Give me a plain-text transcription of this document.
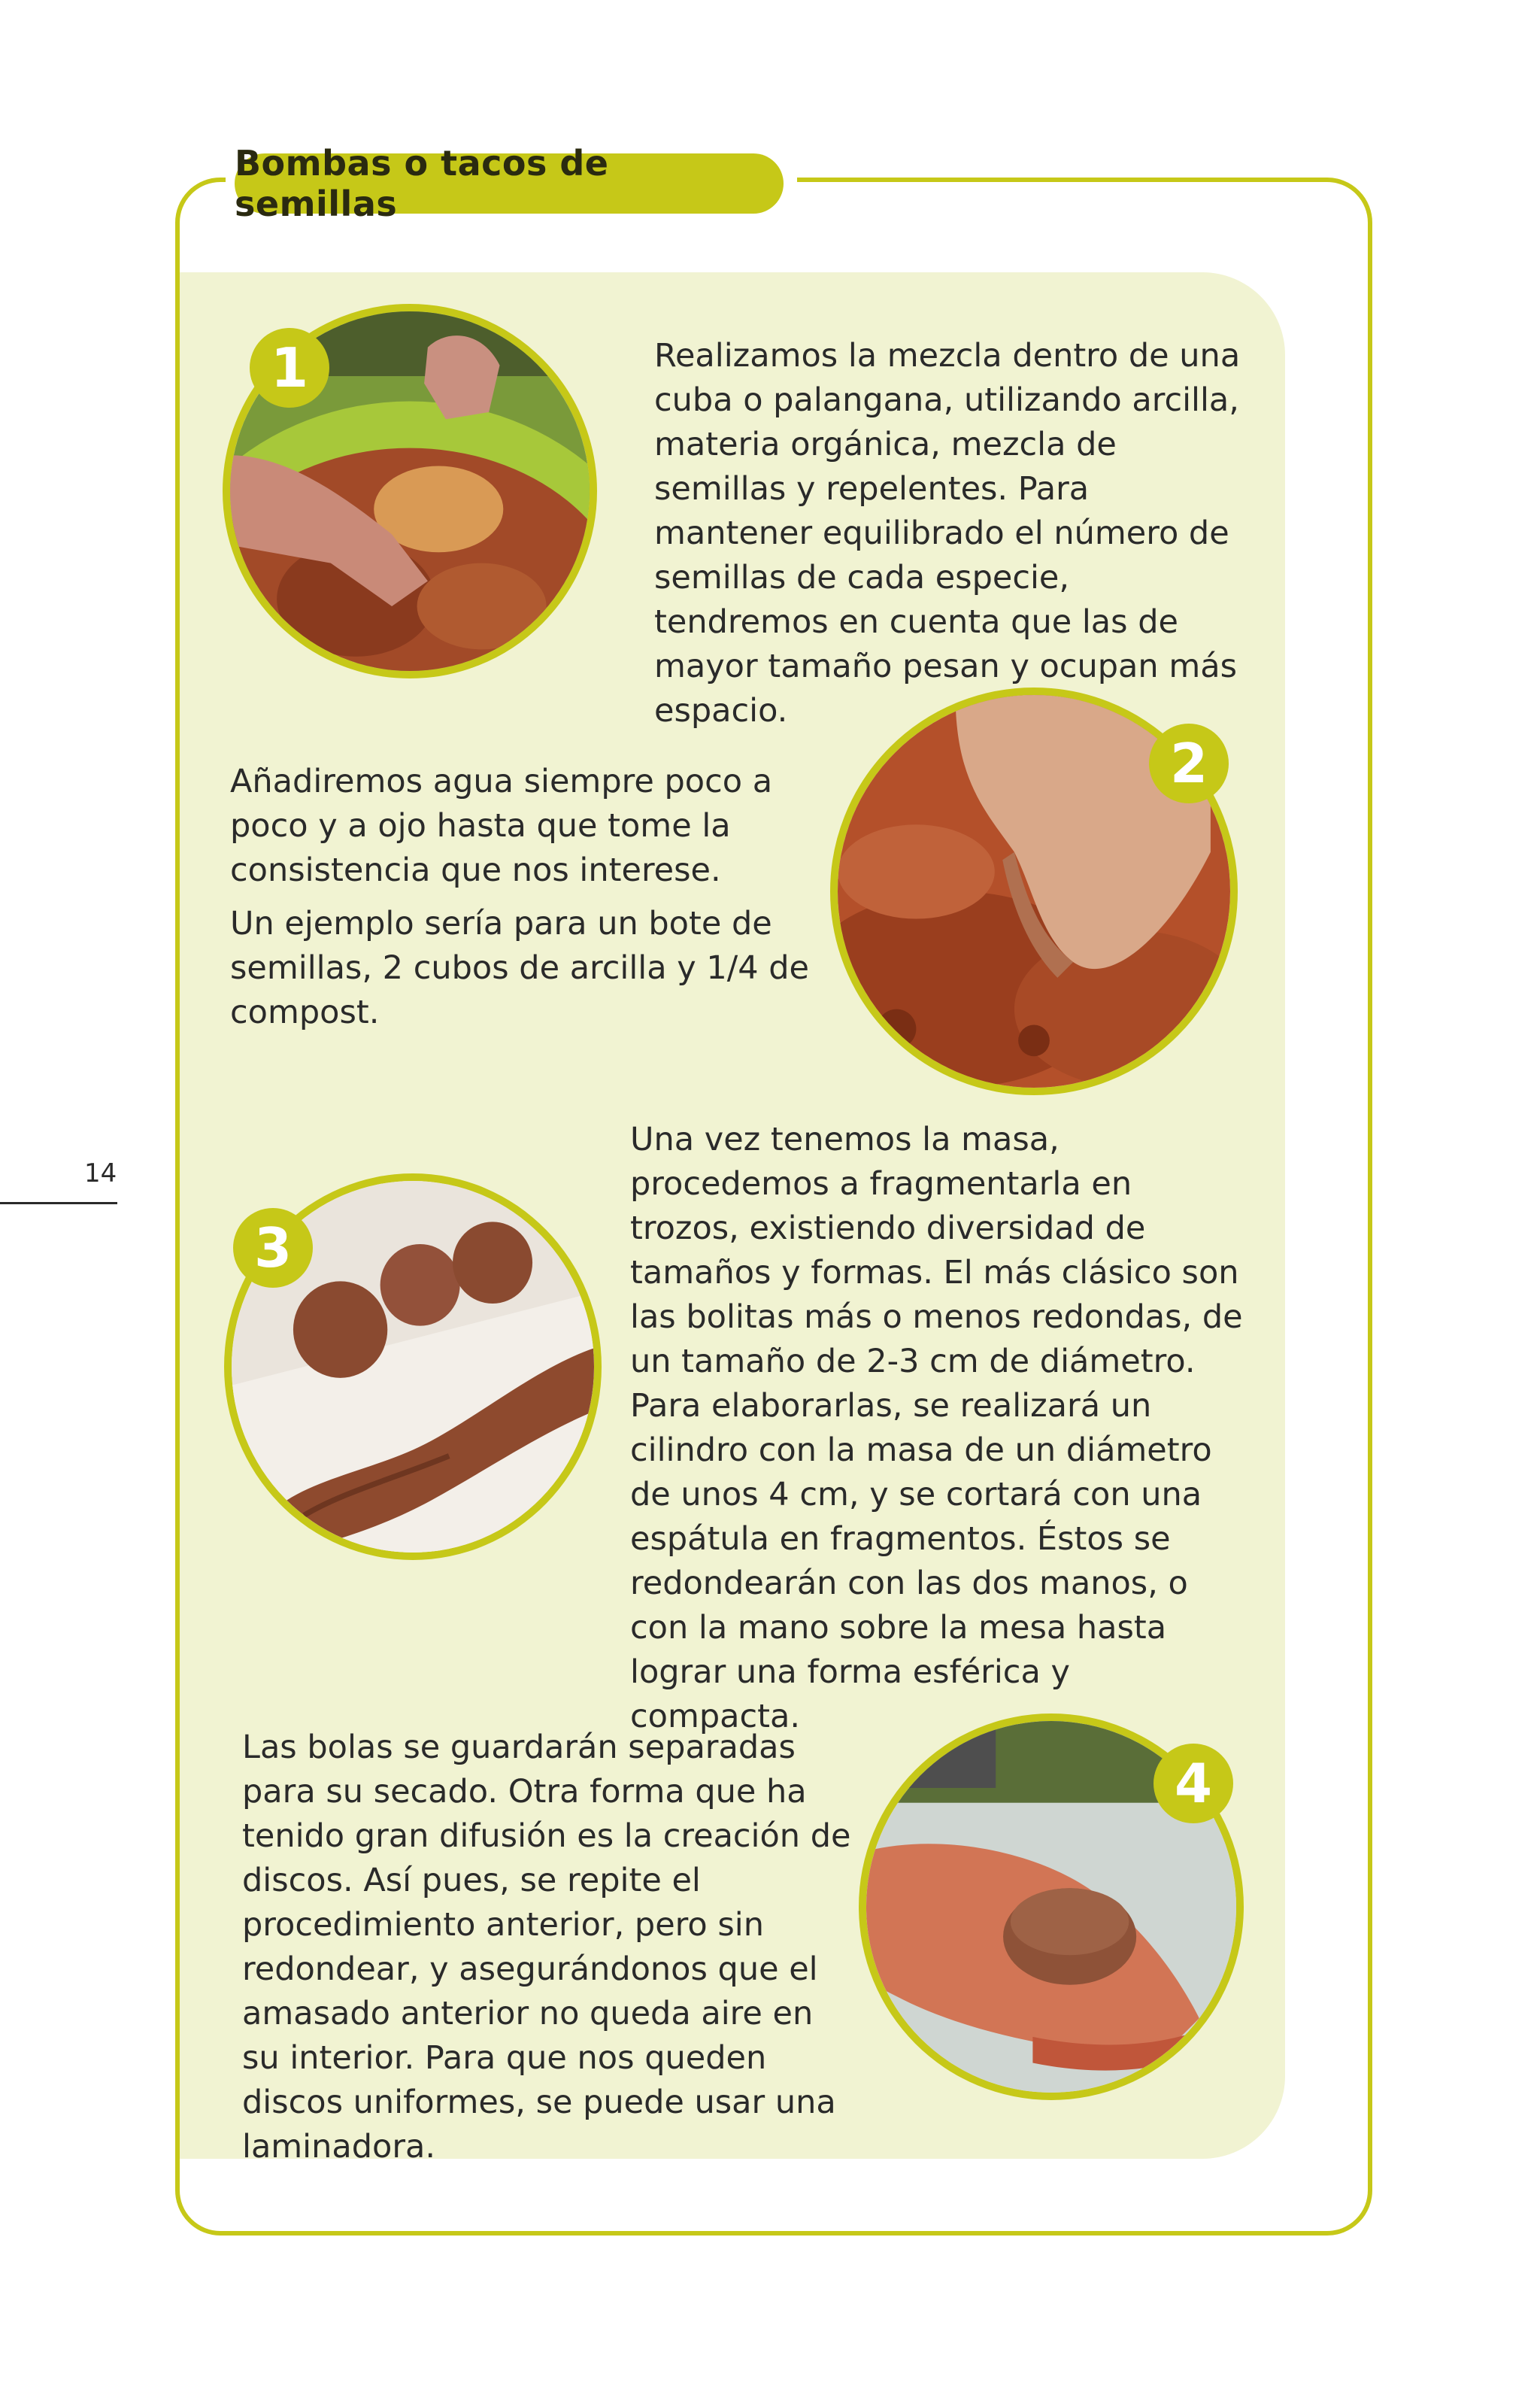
14
Bombas o tacos de semillas
1	Realizamos la mezcla dentro de una cuba o palangana, utilizando arcilla, materia orgánica, mezcla de semillas y repelentes. Para mantener equilibrado el número de semillas de cada especie, tendremos en cuenta que las de mayor tamaño pesan y ocupan más espacio.

Añadiremos agua siempre poco a poco y a ojo hasta que tome la consistencia que nos interese.

Un ejemplo sería para un bote de semillas, 2 cubos de arcilla y 1/4 de compost.

2
3

Una vez tenemos la masa, procedemos a fragmentarla en trozos, existiendo diversidad de tamaños y formas. El más clásico son las bolitas más o menos redondas, de un tamaño de 2-3 cm de diámetro. Para elaborarlas, se realizará un cilindro con la masa de un diámetro de unos 4 cm, y se cortará con una espátula en fragmentos. Éstos se redondearán con las dos manos, o con la mano sobre la mesa hasta lograr una forma esférica y compacta.

Las bolas se guardarán separadas para su secado. Otra forma que ha tenido gran difusión es la creación de discos. Así pues, se repite el procedimiento anterior, pero sin redondear, y asegurándonos que el amasado anterior no queda aire en su interior. Para que nos queden discos uniformes, se puede usar una laminadora.

4
